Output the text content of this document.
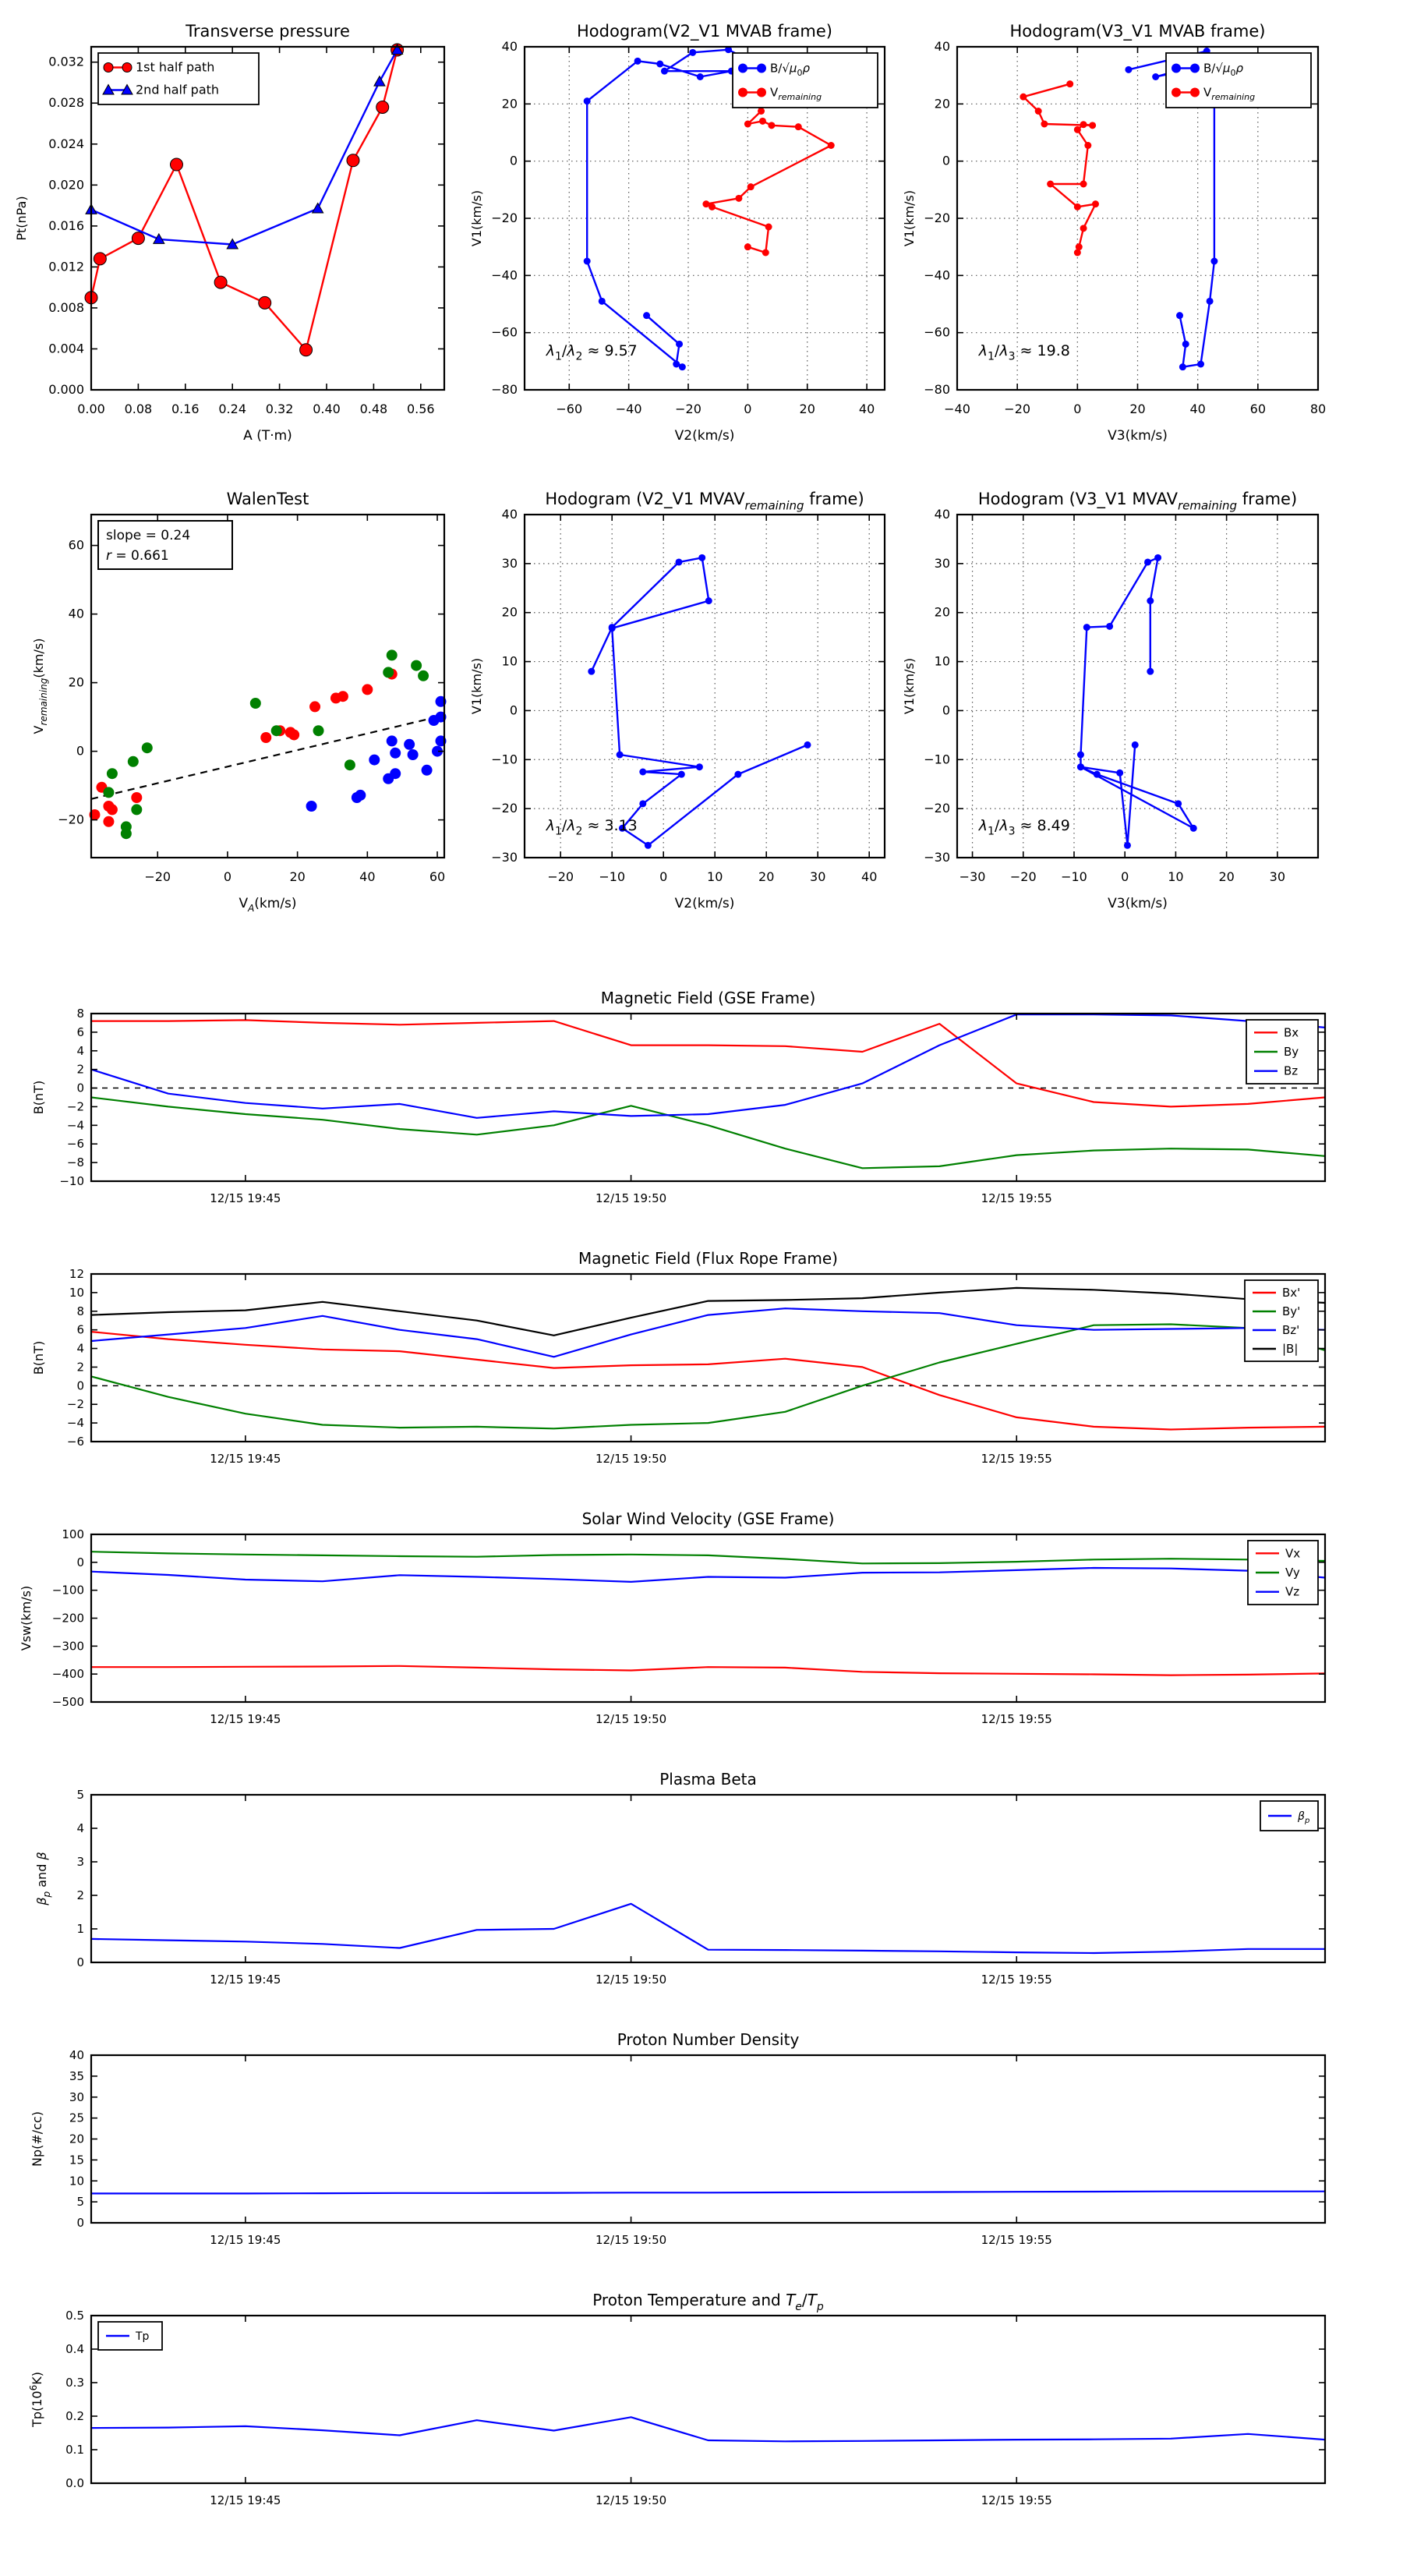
0.00 0.08 0.16 0.24 0.32 0.40 0.48 0.56
0.000
0.004
0.008
0.012
0.016
0.020
0.024
0.028
0.032
Transverse pressure
A (T·m)
Pt(nPa)
1st half path
2nd half path
−60	−40	−20	0	20	40
−80
−60
−40
−20
0
20
40
Hodogram(V2_V1 MVAB frame)
V2(km/s)
V1(km/s)
$B/√\mu_0\rho$
$V_{remaining}$
$\lambda_1/\lambda_2 \approx 9.57$
−40	−20	0	20	40	60	80
−80
−60
−40
−20
0
20
40
Hodogram(V3_V1 MVAB frame)
V3(km/s)
V1(km/s)
$B/√\mu_0\rho$
$V_{remaining}$
$\lambda_1/\lambda_3 \approx 19.8$
−20	0	20	40	60
−20
0
20
40
60
WalenTest
$V_A(km/s)$
$V_{remaining}(km/s)$
slope = 0.24
r = 0.661
−20 −10	0	10	20	30	40
−30
−20
−10
0
10
20
30
40
Hodogram (V2_V1 $MVAV_{remaining}$ frame)
V2(km/s)
V1(km/s)
$\lambda_1/\lambda_2 \approx 3.13$
−30 −20 −10	0	10	20	30
−30
−20
−10
0
10
20
30
40
Hodogram (V3_V1 $MVAV_{remaining}$ frame)
V3(km/s)
V1(km/s)
$\lambda_1/\lambda_3 \approx 8.49$
12/15 19:45	12/15 19:50	12/15 19:55
−10
−8
−6
−4
−2
0
2
4
6
8
Magnetic Field (GSE Frame)
B(nT)
Bx
By
Bz
12/15 19:45	12/15 19:50	12/15 19:55
−6
−4
−2
0
2
4
6
8
10
12
Magnetic Field (Flux Rope Frame)
B(nT)
Bx'
By'
Bz'
|B|
12/15 19:45	12/15 19:50	12/15 19:55
−500
−400
−300
−200
−100
0
100
Solar Wind Velocity (GSE Frame)
Vsw(km/s)
Vx
Vy
Vz
12/15 19:45	12/15 19:50	12/15 19:55
0
1
2
3
4
5
Plasma Beta
$\beta_p$ and β
$\beta_p$
12/15 19:45	12/15 19:50	12/15 19:55
0
5
10
15
20
25
30
35
40
Proton Number Density
Np(#/cc)
12/15 19:45	12/15 19:50	12/15 19:55
0.0
0.1
0.2
0.3
0.4
0.5
Proton Temperature and $T_e/T_p$
$Tp(10^6K)$
Tp
